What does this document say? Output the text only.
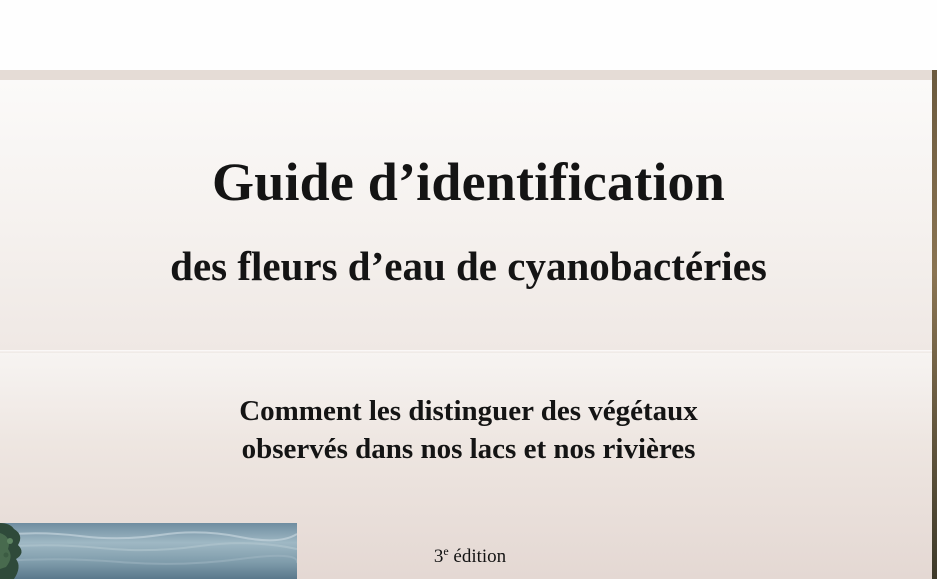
Guide d’identification
des fleurs d’eau de cyanobactéries
Comment les distinguer des végétaux
observés dans nos lacs et nos rivières
3e édition
